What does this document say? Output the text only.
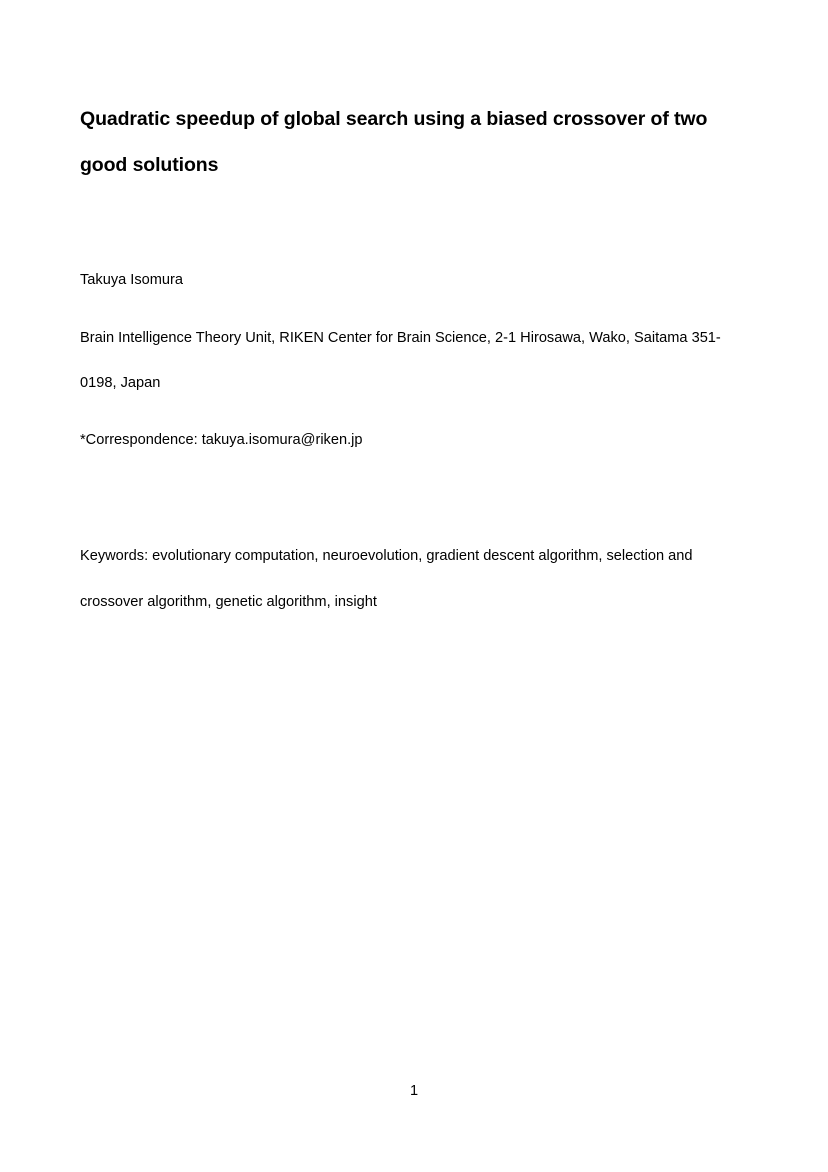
Quadratic speedup of global search using a biased crossover of two

good solutions

Takuya Isomura

Brain Intelligence Theory Unit, RIKEN Center for Brain Science, 2-1 Hirosawa, Wako, Saitama 351-

0198, Japan

*Correspondence: takuya.isomura@riken.jp

Keywords: evolutionary computation, neuroevolution, gradient descent algorithm, selection and

crossover algorithm, genetic algorithm, insight

1
